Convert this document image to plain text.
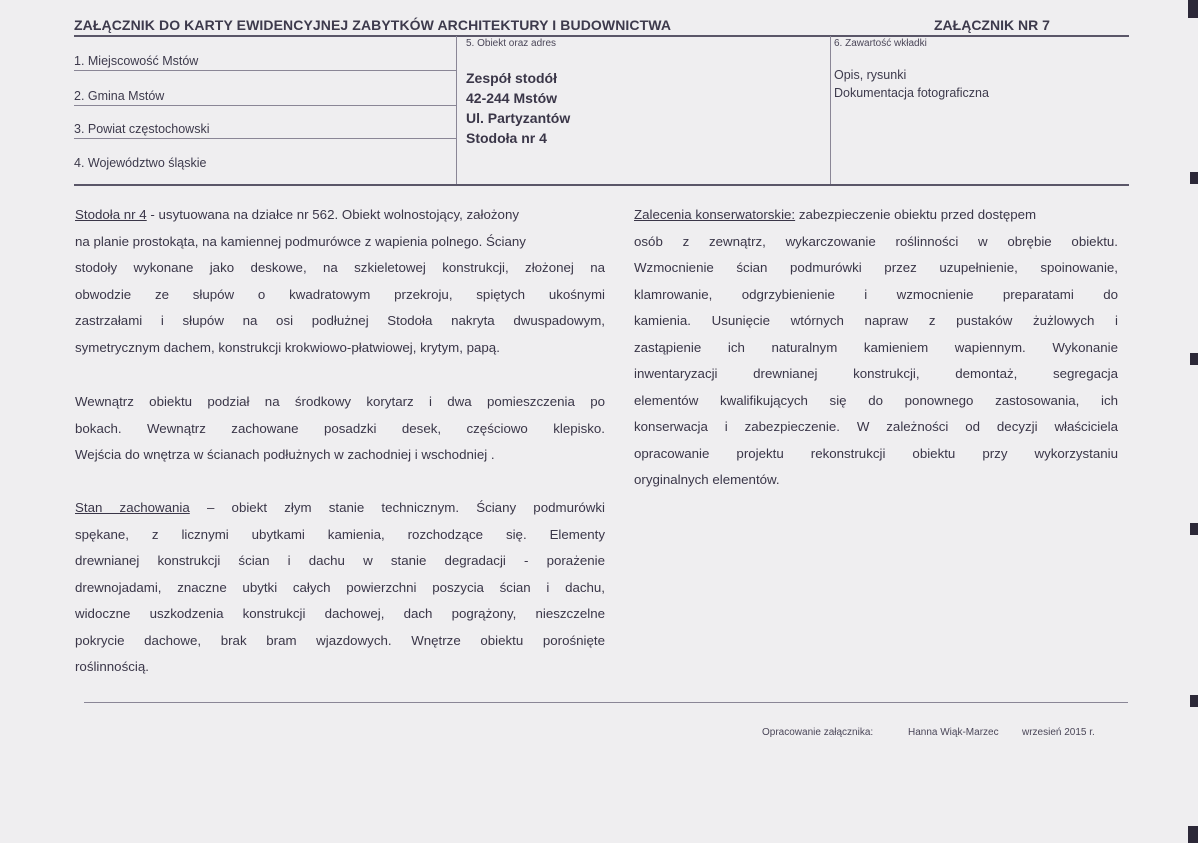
ZAŁĄCZNIK DO KARTY EWIDENCYJNEJ ZABYTKÓW ARCHITEKTURY I BUDOWNICTWA	ZAŁĄCZNIK NR 7
1. Miejscowość Mstów
2. Gmina Mstów
3. Powiat częstochowski
4. Województwo śląskie
5. Obiekt oraz adres
Zespół stodół
42-244 Mstów
Ul. Partyzantów
Stodoła nr 4
6. Zawartość wkładki
Opis, rysunki
Dokumentacja fotograficzna
Stodoła nr 4 - usytuowana na działce nr 562. Obiekt wolnostojący, założony
na planie prostokąta, na kamiennej podmurówce z wapienia polnego. Ściany
stodoły wykonane jako deskowe, na szkieletowej konstrukcji, złożonej na
obwodzie ze słupów o kwadratowym przekroju, spiętych ukośnymi
zastrzałami i słupów na osi podłużnej Stodoła nakryta dwuspadowym,
symetrycznym dachem, konstrukcji krokwiowo-płatwiowej, krytym, papą.
Wewnątrz obiektu podział na środkowy korytarz i dwa pomieszczenia po
bokach. Wewnątrz zachowane posadzki desek, częściowo klepisko.
Wejścia do wnętrza w ścianach podłużnych w zachodniej i wschodniej .
Stan zachowania – obiekt złym stanie technicznym. Ściany podmurówki
spękane, z licznymi ubytkami kamienia, rozchodzące się. Elementy
drewnianej konstrukcji ścian i dachu w stanie degradacji - porażenie
drewnojadami, znaczne ubytki całych powierzchni poszycia ścian i dachu,
widoczne uszkodzenia konstrukcji dachowej, dach pogrążony, nieszczelne
pokrycie dachowe, brak bram wjazdowych. Wnętrze obiektu porośnięte
roślinnością.
Zalecenia konserwatorskie: zabezpieczenie obiektu przed dostępem
osób z zewnątrz, wykarczowanie roślinności w obrębie obiektu.
Wzmocnienie ścian podmurówki przez uzupełnienie, spoinowanie,
klamrowanie, odgrzybienienie i wzmocnienie preparatami do
kamienia. Usunięcie wtórnych napraw z pustaków żużlowych i
zastąpienie ich naturalnym kamieniem wapiennym. Wykonanie
inwentaryzacji drewnianej konstrukcji, demontaż, segregacja
elementów kwalifikujących się do ponownego zastosowania, ich
konserwacja i zabezpieczenie. W zależności od decyzji właściciela
opracowanie projektu rekonstrukcji obiektu przy wykorzystaniu
oryginalnych elementów.
Opracowanie załącznika:	Hanna Wiąk-Marzec wrzesień 2015 r.
